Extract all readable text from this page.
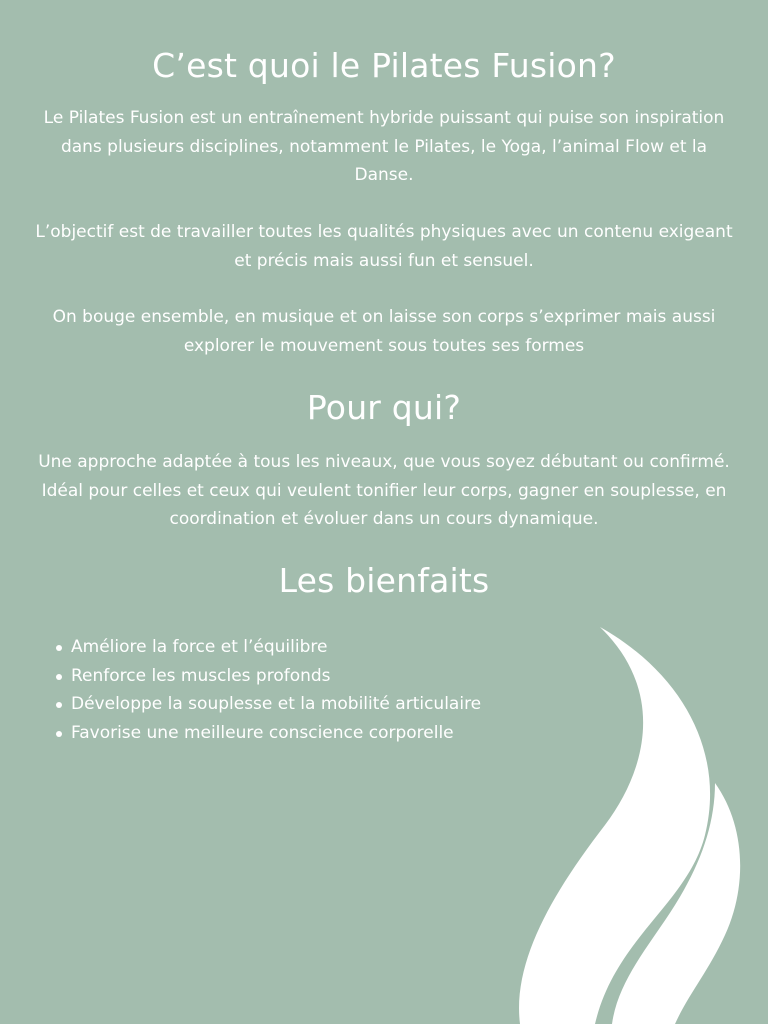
C’est quoi le Pilates Fusion?

Le Pilates Fusion est un entraînement hybride puissant qui puise son inspiration dans plusieurs disciplines, notamment le Pilates, le Yoga, l’animal Flow et la Danse.

L’objectif est de travailler toutes les qualités physiques avec un contenu exigeant et précis mais aussi fun et sensuel.

On bouge ensemble, en musique et on laisse son corps s’exprimer mais aussi explorer le mouvement sous toutes ses formes

Pour qui?

Une approche adaptée à tous les niveaux, que vous soyez débutant ou confirmé. Idéal pour celles et ceux qui veulent tonifier leur corps, gagner en souplesse, en coordination et évoluer dans un cours dynamique.

Les bienfaits
Améliore la force et l’équilibre
Renforce les muscles profonds
Développe la souplesse et la mobilité articulaire
Favorise une meilleure conscience corporelle
